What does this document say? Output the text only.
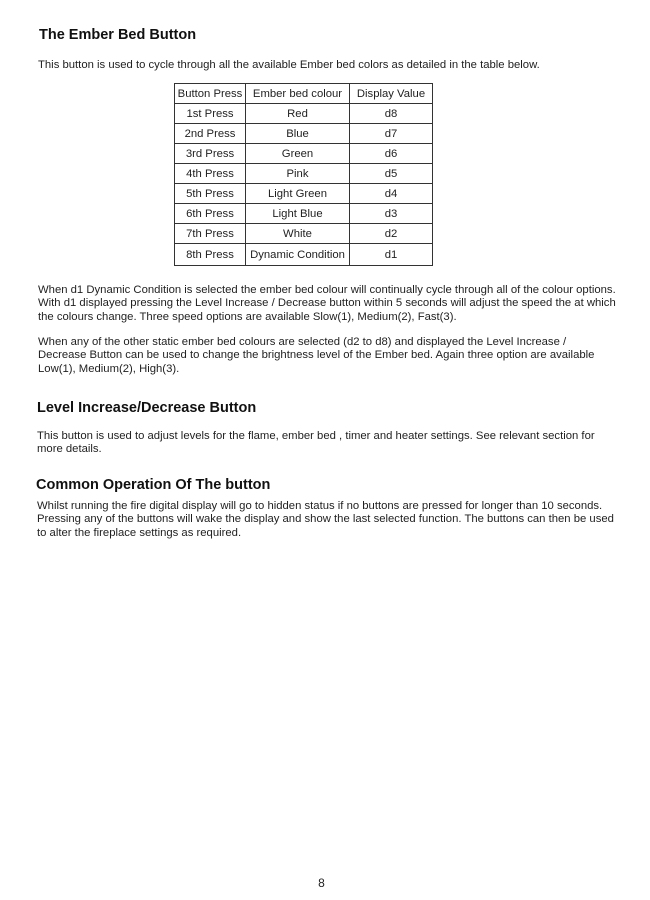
The Ember Bed Button

This button is used to cycle through all the available Ember bed colors as detailed in the table below.

Button Press	Ember bed colour	Display Value
1st Press	Red	d8
2nd Press	Blue	d7
3rd Press	Green	d6
4th Press	Pink	d5
5th Press	Light Green	d4
6th Press	Light Blue	d3
7th Press	White	d2
8th Press	Dynamic Condition	d1

When d1 Dynamic Condition is selected the ember bed colour will continually cycle through all of the colour options. With d1 displayed pressing the Level Increase / Decrease button within 5 seconds will adjust the speed the at which the colours change. Three speed options are available Slow(1), Medium(2), Fast(3).

When any of the other static ember bed colours are selected (d2 to d8) and displayed the Level Increase / Decrease Button can be used to change the brightness level of the Ember bed. Again three option are available Low(1), Medium(2), High(3).

Level Increase/Decrease Button

This button is used to adjust levels for the flame, ember bed , timer and heater settings. See relevant section for more details.

Common Operation Of The button

Whilst running the fire digital display will go to hidden status if no buttons are pressed for longer than 10 seconds. Pressing any of the buttons will wake the display and show the last selected function. The buttons can then be used to alter the fireplace settings as required.

8
